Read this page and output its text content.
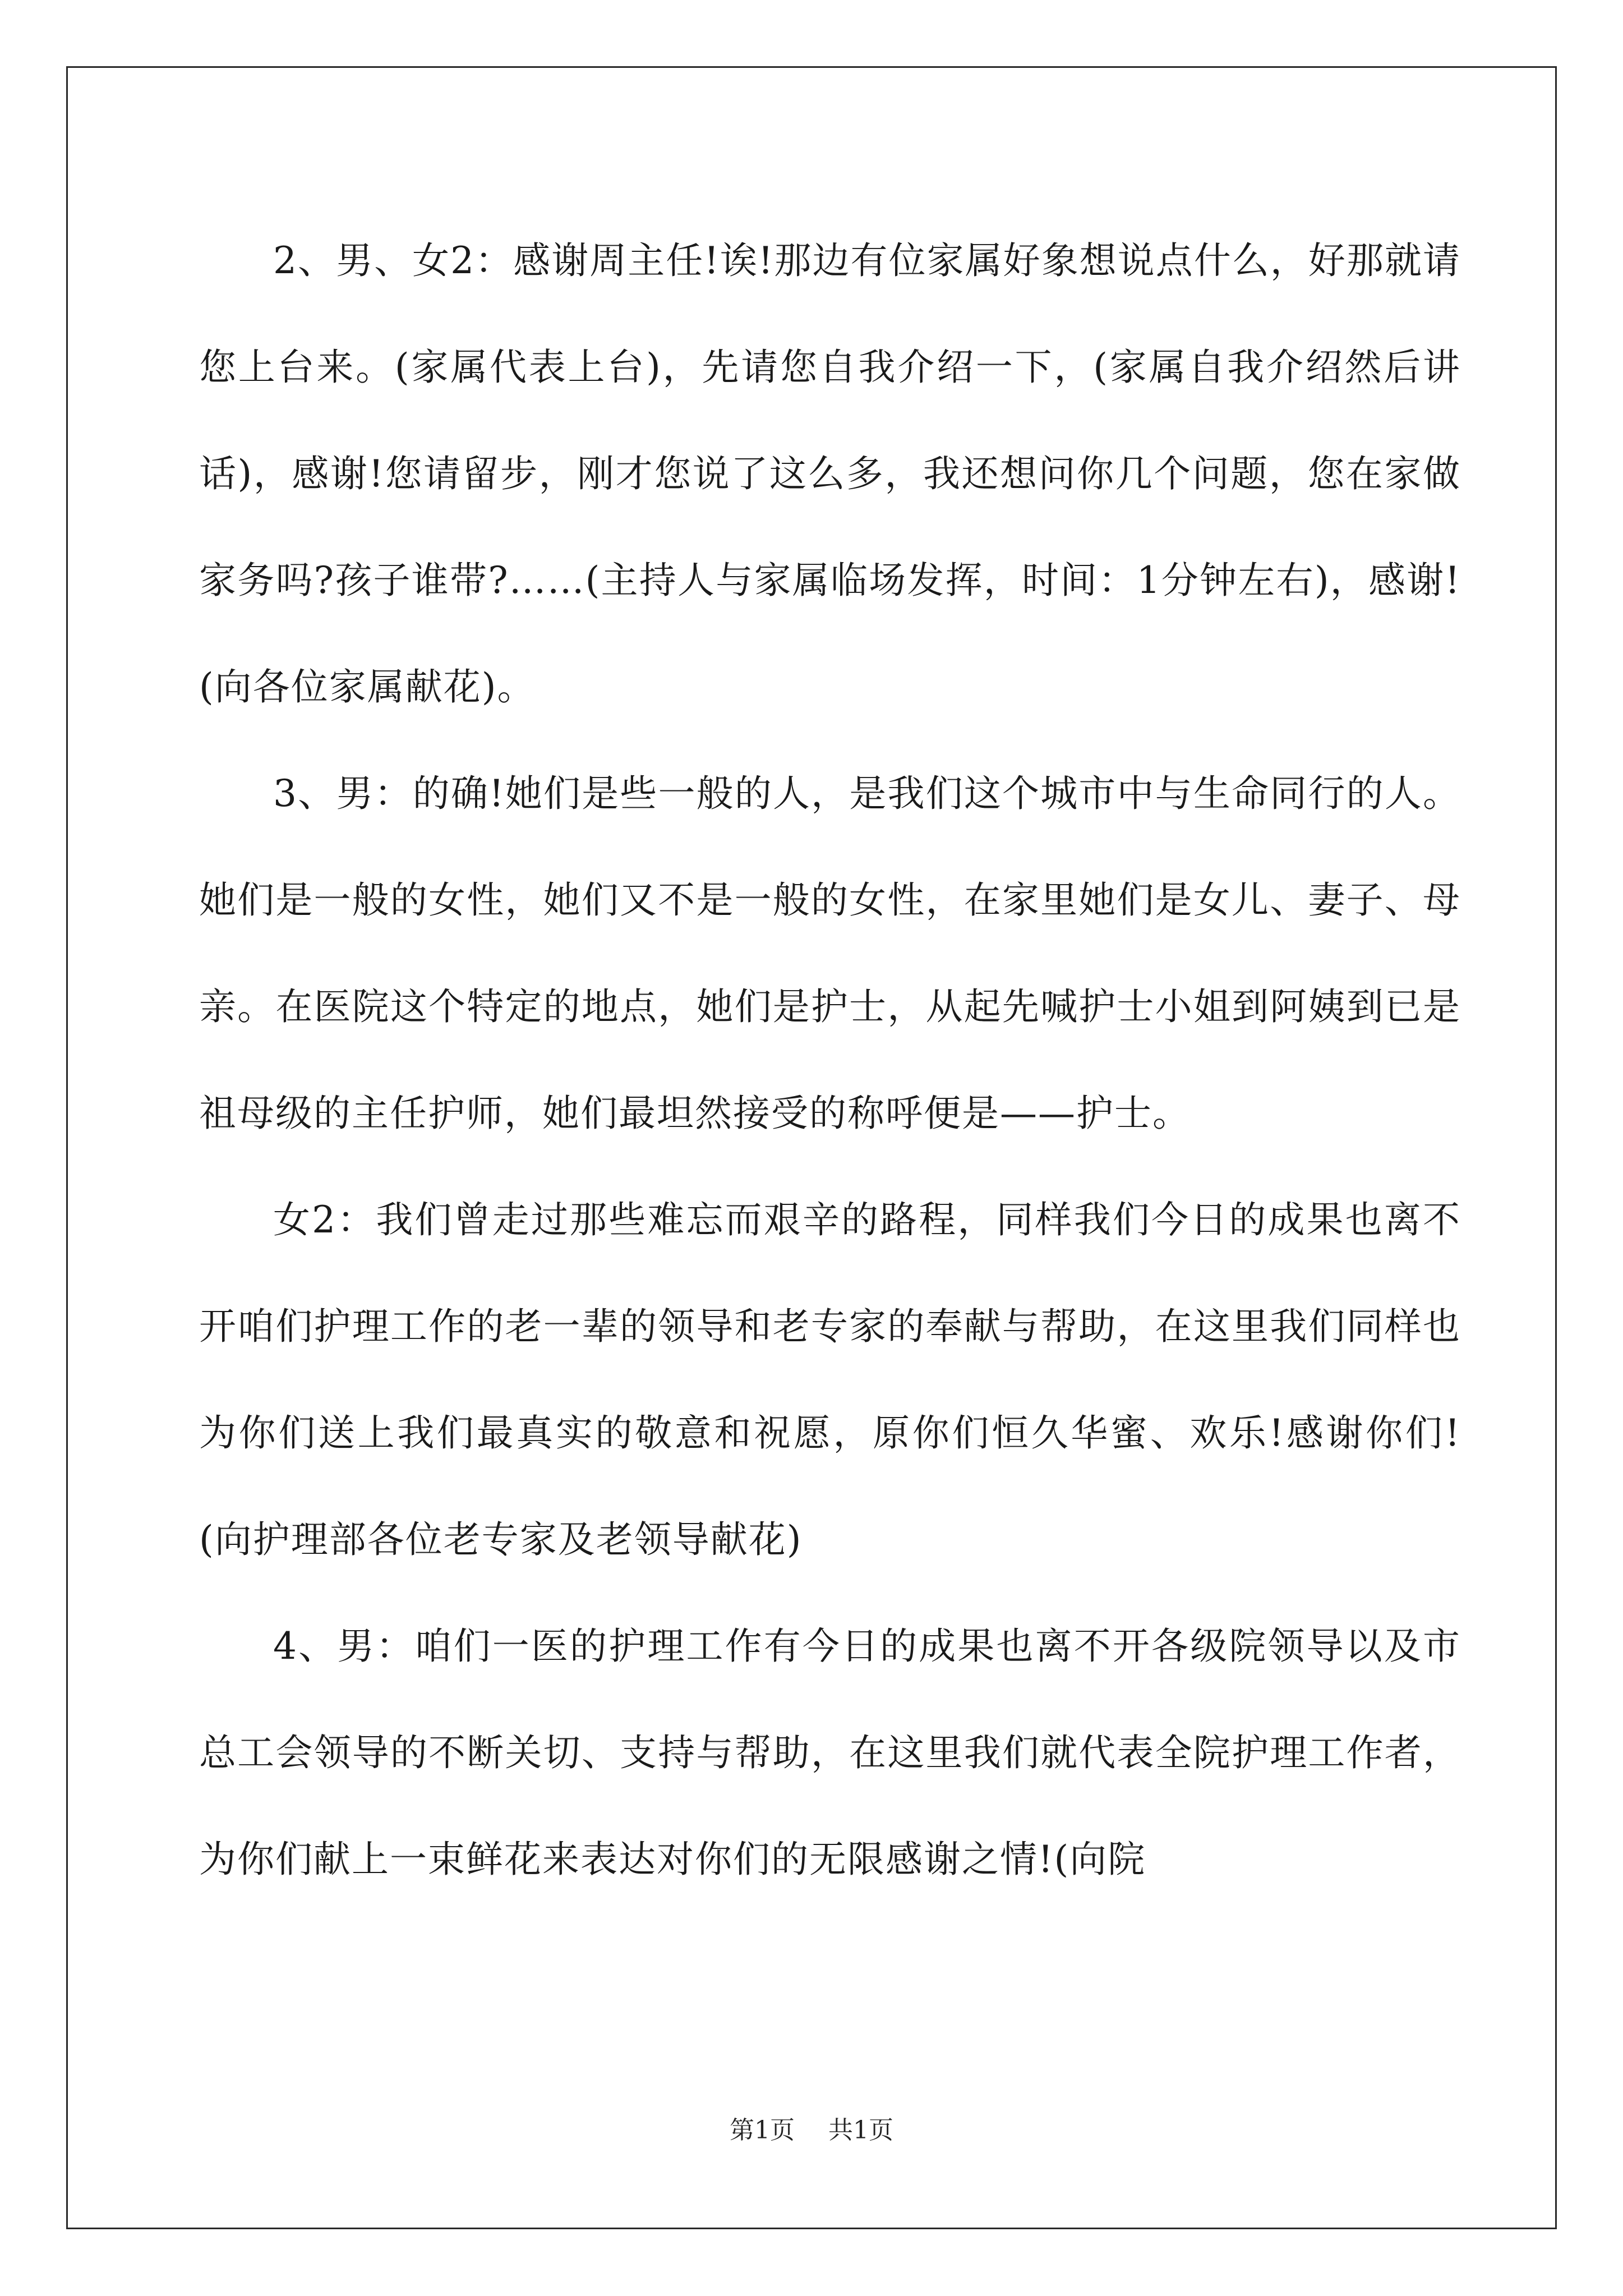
2、男、女2：感谢周主任!诶!那边有位家属好象想说点什么，好那就请您上台来。(家属代表上台)，先请您自我介绍一下，(家属自我介绍然后讲话)，感谢!您请留步，刚才您说了这么多，我还想问你几个问题，您在家做家务吗?孩子谁带?……(主持人与家属临场发挥，时间：1分钟左右)，感谢!(向各位家属献花)。

3、男：的确!她们是些一般的人，是我们这个城市中与生命同行的人。她们是一般的女性，她们又不是一般的女性，在家里她们是女儿、妻子、母亲。在医院这个特定的地点，她们是护士，从起先喊护士小姐到阿姨到已是祖母级的主任护师，她们最坦然接受的称呼便是——护士。

女2：我们曾走过那些难忘而艰辛的路程，同样我们今日的成果也离不开咱们护理工作的老一辈的领导和老专家的奉献与帮助，在这里我们同样也为你们送上我们最真实的敬意和祝愿，原你们恒久华蜜、欢乐!感谢你们!(向护理部各位老专家及老领导献花)

4、男：咱们一医的护理工作有今日的成果也离不开各级院领导以及市总工会领导的不断关切、支持与帮助，在这里我们就代表全院护理工作者，为你们献上一束鲜花来表达对你们的无限感谢之情!(向院

第1页 共1页
